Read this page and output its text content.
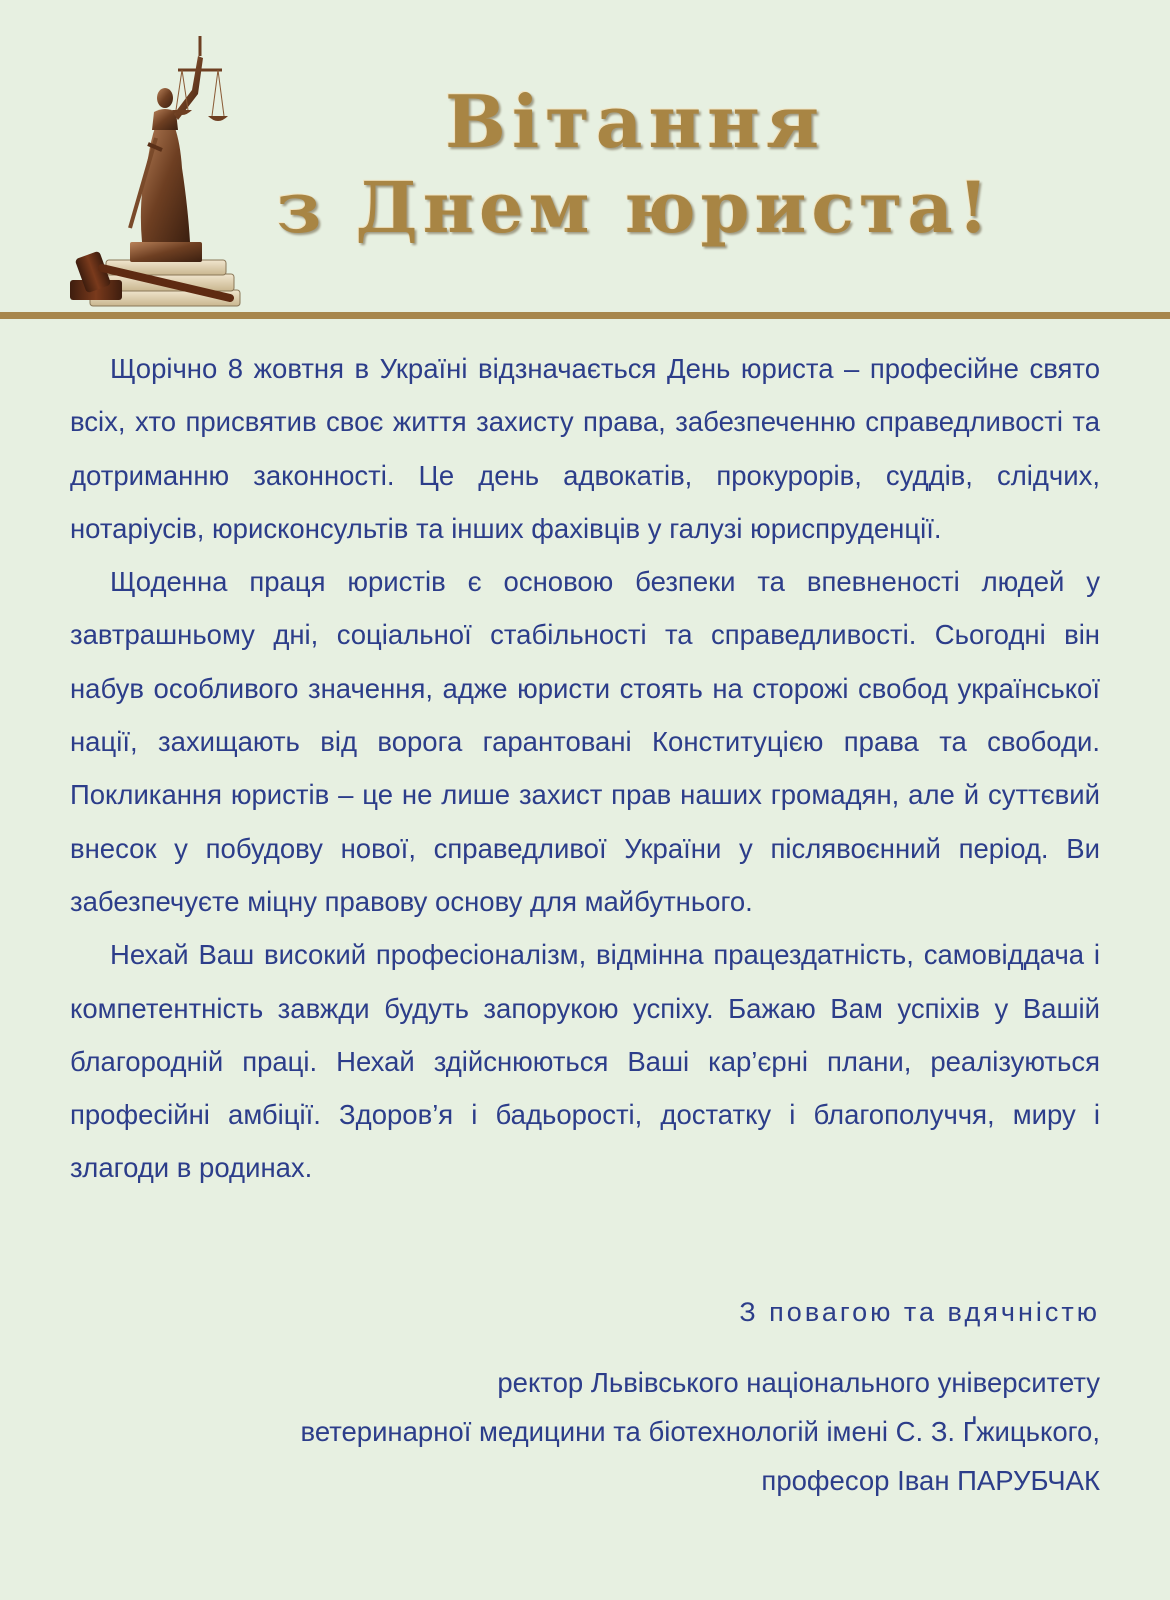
Вітання
з Днем юриста!

Щорічно 8 жовтня в Україні відзначається День юриста – професійне свято всіх, хто присвятив своє життя захисту права, забезпеченню справедливості та дотриманню законності. Це день адвокатів, прокурорів, суддів, слідчих, нотаріусів, юрисконсультів та інших фахівців у галузі юриспруденції.

Щоденна праця юристів є основою безпеки та впевненості людей у завтрашньому дні, соціальної стабільності та справедливості. Сьогодні він набув особливого значення, адже юристи стоять на сторожі свобод української нації, захищають від ворога гарантовані Конституцією права та свободи. Покликання юристів – це не лише захист прав наших громадян, але й суттєвий внесок у побудову нової, справедливої України у післявоєнний період. Ви забезпечуєте міцну правову основу для майбутнього.

Нехай Ваш високий професіоналізм, відмінна працездатність, самовіддача і компетентність завжди будуть запорукою успіху. Бажаю Вам успіхів у Вашій благородній праці. Нехай здійснюються Ваші кар’єрні плани, реалізуються професійні амбіції. Здоров’я і бадьорості, достатку і благополуччя, миру і злагоди в родинах.

З повагою та вдячністю
ректор Львівського національного університету
ветеринарної медицини та біотехнологій імені С. З. Ґжицького,
професор Іван ПАРУБЧАК
